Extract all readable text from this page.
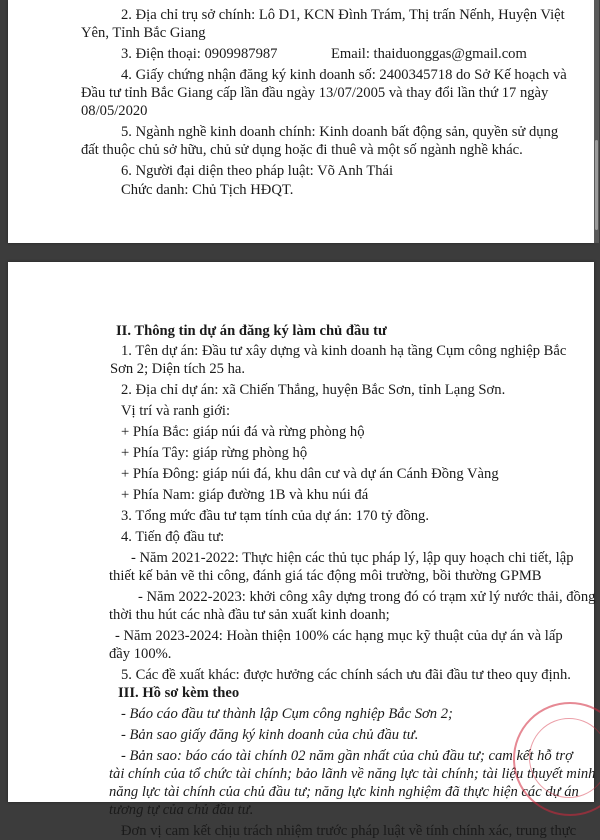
2. Địa chỉ trụ sở chính: Lô D1, KCN Đình Trám, Thị trấn Nếnh, Huyện Việt
Yên, Tỉnh Bắc Giang
3. Điện thoại: 0909987987	Email: thaiduonggas@gmail.com
4. Giấy chứng nhận đăng ký kinh doanh số: 2400345718 do Sở Kế hoạch và
Đầu tư tỉnh Bắc Giang cấp lần đầu ngày 13/07/2005 và thay đổi lần thứ 17 ngày
08/05/2020
5. Ngành nghề kinh doanh chính: Kinh doanh bất động sản, quyền sử dụng
đất thuộc chủ sở hữu, chủ sử dụng hoặc đi thuê và một số ngành nghề khác.
6. Người đại diện theo pháp luật: Võ Anh Thái
Chức danh: Chủ Tịch HĐQT.
II. Thông tin dự án đăng ký làm chủ đầu tư
1. Tên dự án: Đầu tư xây dựng và kinh doanh hạ tầng Cụm công nghiệp Bắc
Sơn 2; Diện tích 25 ha.
2. Địa chỉ dự án: xã Chiến Thắng, huyện Bắc Sơn, tỉnh Lạng Sơn.
Vị trí và ranh giới:
+ Phía Bắc: giáp núi đá và rừng phòng hộ
+ Phía Tây: giáp rừng phòng hộ
+ Phía Đông: giáp núi đá, khu dân cư và dự án Cánh Đồng Vàng
+ Phía Nam: giáp đường 1B và khu núi đá
3. Tổng mức đầu tư tạm tính của dự án: 170 tỷ đồng.
4. Tiến độ đầu tư:
- Năm 2021-2022: Thực hiện các thủ tục pháp lý, lập quy hoạch chi tiết, lập
thiết kế bản vẽ thi công, đánh giá tác động môi trường, bồi thường GPMB
- Năm 2022-2023: khởi công xây dựng trong đó có trạm xử lý nước thải, đồng
thời thu hút các nhà đầu tư sản xuất kinh doanh;
- Năm 2023-2024: Hoàn thiện 100% các hạng mục kỹ thuật của dự án và lấp
đầy 100%.
5. Các đề xuất khác: được hưởng các chính sách ưu đãi đầu tư theo quy định.
III. Hồ sơ kèm theo
- Báo cáo đầu tư thành lập Cụm công nghiệp Bắc Sơn 2;
- Bản sao giấy đăng ký kinh doanh của chủ đầu tư.
- Bản sao: báo cáo tài chính 02 năm gần nhất của chủ đầu tư; cam kết hỗ trợ
tài chính của tổ chức tài chính; bảo lãnh về năng lực tài chính; tài liệu thuyết minh
năng lực tài chính của chủ đầu tư; năng lực kinh nghiệm đã thực hiện các dự án
tương tự của chủ đầu tư.
Đơn vị cam kết chịu trách nhiệm trước pháp luật về tính chính xác, trung thực
